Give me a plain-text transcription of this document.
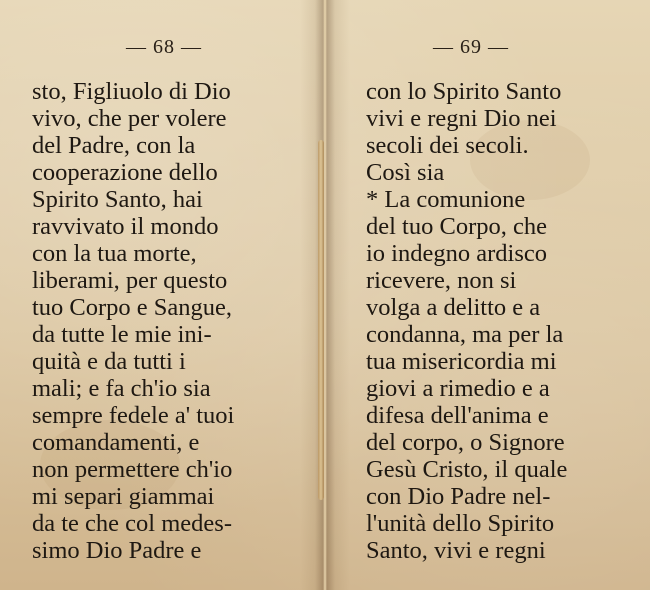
— 68 —
sto, Figliuolo di Dio
vivo, che per volere
del Padre, con la
cooperazione dello
Spirito Santo, hai
ravvivato il mondo
con la tua morte,
liberami, per questo
tuo Corpo e Sangue,
da tutte le mie ini-
quità e da tutti i
mali; e fa ch'io sia
sempre fedele a' tuoi
comandamenti, e
non permettere ch'io
mi separi giammai
da te che col medes-
simo Dio Padre e
— 69 —
con lo Spirito Santo
vivi e regni Dio nei
secoli dei secoli.
Così sia
* La comunione
del tuo Corpo, che
io indegno ardisco
ricevere, non si
volga a delitto e a
condanna, ma per la
tua misericordia mi
giovi a rimedio e a
difesa dell'anima e
del corpo, o Signore
Gesù Cristo, il quale
con Dio Padre nel-
l'unità dello Spirito
Santo, vivi e regni
